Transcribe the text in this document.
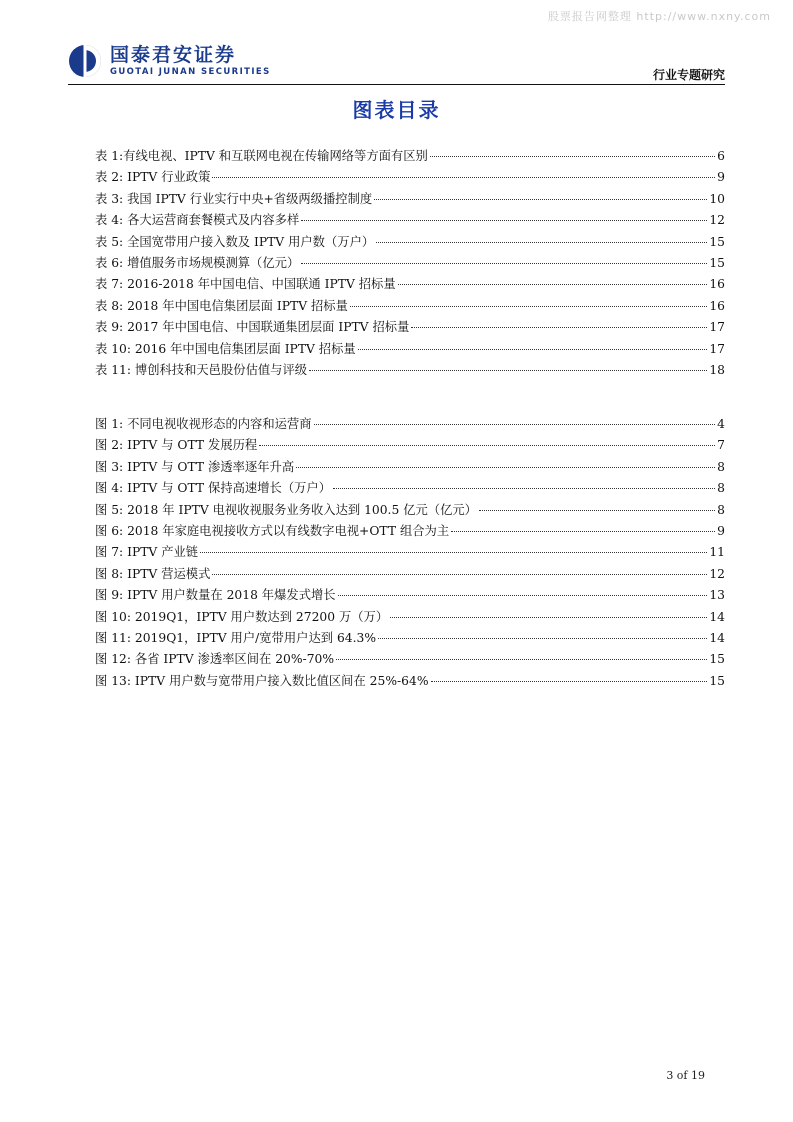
股票报告网整理 http://www.nxny.com
国泰君安证券
GUOTAI JUNAN SECURITIES	行业专题研究
图表目录
表 1:有线电视、IPTV 和互联网电视在传输网络等方面有区别	6
表 2: IPTV 行业政策	9
表 3: 我国 IPTV 行业实行中央+省级两级播控制度	10
表 4: 各大运营商套餐模式及内容多样	12
表 5: 全国宽带用户接入数及 IPTV 用户数（万户）	15
表 6: 增值服务市场规模测算（亿元）	15
表 7: 2016-2018 年中国电信、中国联通 IPTV 招标量	16
表 8: 2018 年中国电信集团层面 IPTV 招标量	16
表 9: 2017 年中国电信、中国联通集团层面 IPTV 招标量	17
表 10: 2016 年中国电信集团层面 IPTV 招标量	17
表 11: 博创科技和天邑股份估值与评级	18
图 1: 不同电视收视形态的内容和运营商	4
图 2: IPTV 与 OTT 发展历程	7
图 3: IPTV 与 OTT 渗透率逐年升高	8
图 4: IPTV 与 OTT 保持高速增长（万户）	8
图 5: 2018 年 IPTV 电视收视服务业务收入达到 100.5 亿元（亿元）	8
图 6: 2018 年家庭电视接收方式以有线数字电视+OTT 组合为主	9
图 7: IPTV 产业链	11
图 8: IPTV 营运模式	12
图 9: IPTV 用户数量在 2018 年爆发式增长	13
图 10: 2019Q1，IPTV 用户数达到 27200 万（万）	14
图 11: 2019Q1，IPTV 用户/宽带用户达到 64.3%	14
图 12: 各省 IPTV 渗透率区间在 20%-70%	15
图 13: IPTV 用户数与宽带用户接入数比值区间在 25%-64%	15
3 of 19
